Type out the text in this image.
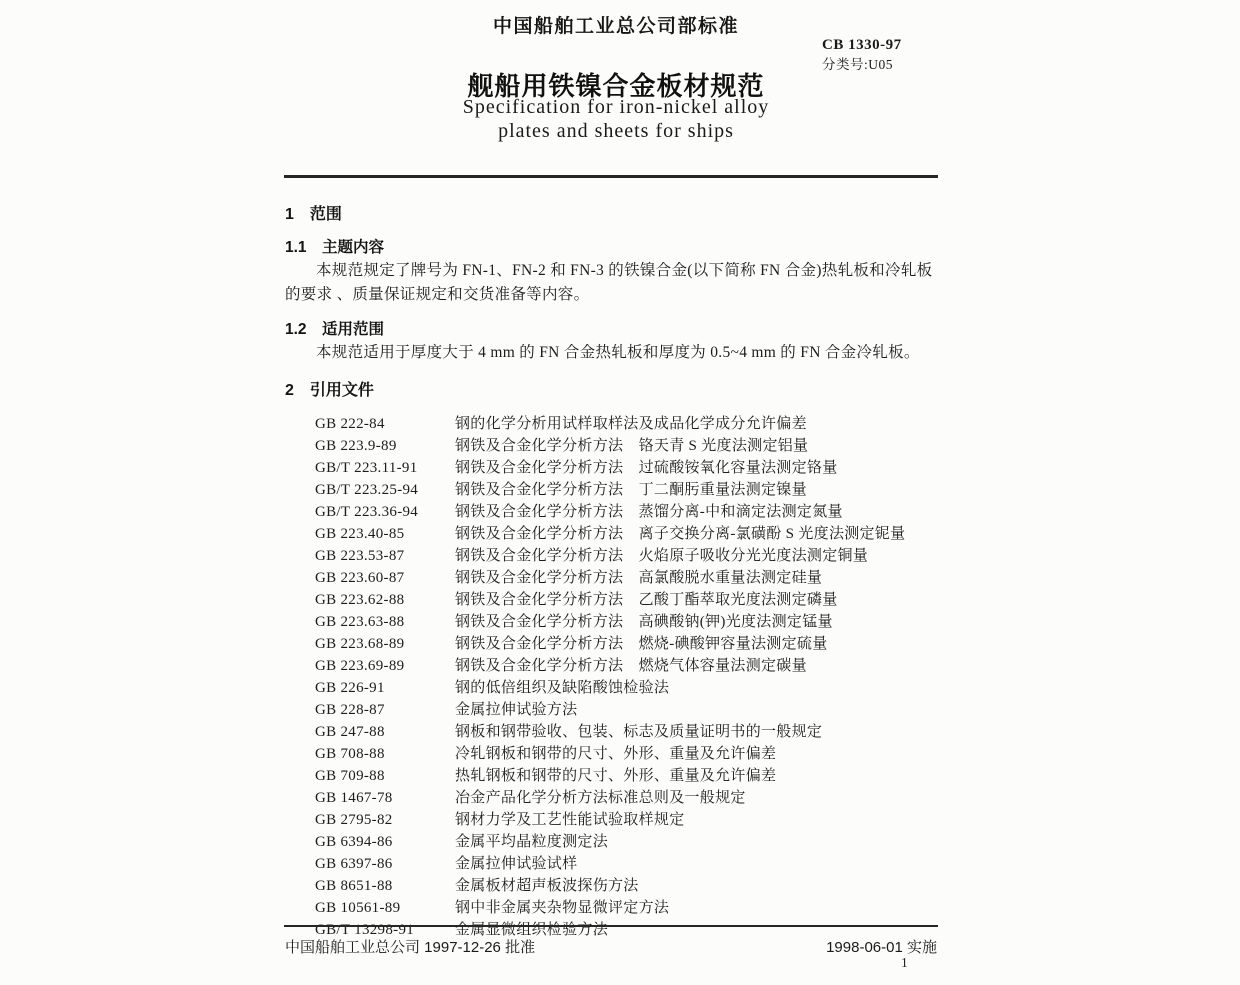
中国船舶工业总公司部标准
CB 1330-97
分类号:U05
舰船用铁镍合金板材规范
Specification for iron-nickel alloy
plates and sheets for ships
1　范围
1.1　主题内容

本规范规定了牌号为 FN-1、FN-2 和 FN-3 的铁镍合金(以下简称 FN 合金)热轧板和冷轧板的要求 、质量保证规定和交货准备等内容。

1.2　适用范围

本规范适用于厚度大于 4 mm 的 FN 合金热轧板和厚度为 0.5~4 mm 的 FN 合金冷轧板。

2　引用文件
GB 222-84	钢的化学分析用试样取样法及成品化学成分允许偏差
GB 223.9-89	钢铁及合金化学分析方法　铬天青 S 光度法测定铝量
GB/T 223.11-91	钢铁及合金化学分析方法　过硫酸铵氧化容量法测定铬量
GB/T 223.25-94	钢铁及合金化学分析方法　丁二酮肟重量法测定镍量
GB/T 223.36-94	钢铁及合金化学分析方法　蒸馏分离-中和滴定法测定氮量
GB 223.40-85	钢铁及合金化学分析方法　离子交换分离-氯磺酚 S 光度法测定铌量
GB 223.53-87	钢铁及合金化学分析方法　火焰原子吸收分光光度法测定铜量
GB 223.60-87	钢铁及合金化学分析方法　高氯酸脱水重量法测定硅量
GB 223.62-88	钢铁及合金化学分析方法　乙酸丁酯萃取光度法测定磷量
GB 223.63-88	钢铁及合金化学分析方法　高碘酸钠(钾)光度法测定锰量
GB 223.68-89	钢铁及合金化学分析方法　燃烧-碘酸钾容量法测定硫量
GB 223.69-89	钢铁及合金化学分析方法　燃烧气体容量法测定碳量
GB 226-91	钢的低倍组织及缺陷酸蚀检验法
GB 228-87	金属拉伸试验方法
GB 247-88	钢板和钢带验收、包装、标志及质量证明书的一般规定
GB 708-88	冷轧钢板和钢带的尺寸、外形、重量及允许偏差
GB 709-88	热轧钢板和钢带的尺寸、外形、重量及允许偏差
GB 1467-78	冶金产品化学分析方法标准总则及一般规定
GB 2795-82	钢材力学及工艺性能试验取样规定
GB 6394-86	金属平均晶粒度测定法
GB 6397-86	金属拉伸试验试样
GB 8651-88	金属板材超声板波探伤方法
GB 10561-89	钢中非金属夹杂物显微评定方法
GB/T 13298-91	金属显微组织检验方法
中国船舶工业总公司 1997-12-26 批准	1998-06-01 实施
1
